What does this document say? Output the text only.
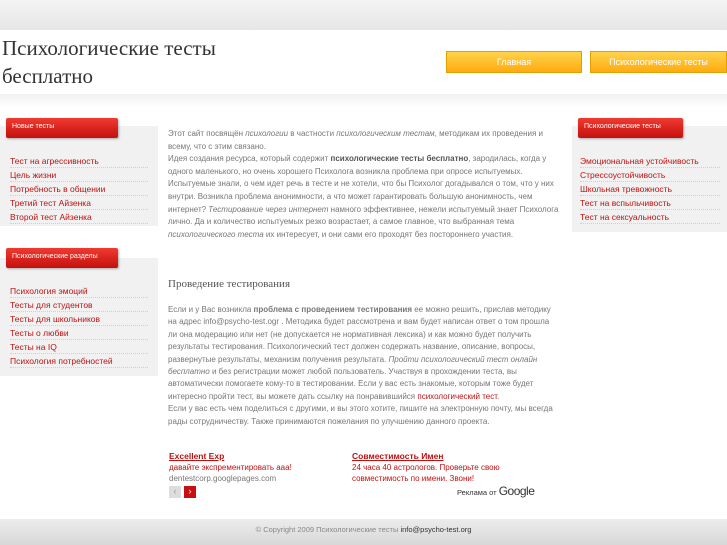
Психологические тесты бесплатно
Главная	Психологические тесты
Новые тесты
Тест на агрессивность
Цель жизни
Потребность в общении
Третий тест Айзенка
Второй тест Айзенка
Психологические разделы
Психология эмоций
Тесты для студентов
Тесты для школьников
Тесты о любви
Тесты на IQ
Психология потребностей
Психологические тесты
Эмоциональная устойчивость
Стрессоустойчивость
Школьная тревожность
Тест на вспыльчивость
Тест на сексуальность
Этот сайт посвящён психологии в частности психологическим тестам, методикам их проведения и всему, что с этим связано.
Идея создания ресурса, который содержит психологические тесты бесплатно, зародилась, когда у одного маленького, но очень хорошего Психолога возникла проблема при опросе испытуемых. Испытуемые знали, о чем идет речь в тесте и не хотели, что бы Психолог догадывался о том, что у них внутри. Возникла проблема анонимности, а что может гарантировать большую анонимность, чем интернет? Тестирование через интернет намного эффективнее, нежели испытуемый знает Психолога лично. Да и количество испытуемых резко возрастает, а самое главное, что выбранная тема психологического теста их интересует, и они сами его проходят без постороннего участия.
Проведение тестирования
Если и у Вас возникла проблема с проведением тестирования ее можно решить, прислав методику на адрес info@psycho-test.ogr . Методика будет рассмотрена и вам будет написан ответ о том прошла ли она модерацию или нет (не допускается не нормативная лексика) и как можно будет получить результаты тестирования. Психологический тест должен содержать название, описание, вопросы, развернутые результаты, механизм получения результата. Пройти психологический тест онлайн бесплатно и без регистрации может любой пользователь. Участвуя в прохождении теста, вы автоматически помогаете кому-то в тестировании. Если у вас есть знакомые, которым тоже будет интересно пройти тест, вы можете дать ссылку на понравившийся психологический тест.
Если у вас есть чем поделиться с другими, и вы этого хотите, пишите на электронную почту, мы всегда рады сотрудничеству. Также принимаются пожелания по улучшению данного проекта.
Excellent Exp
давайте экспрементировать aaa!
dentestcorp.googlepages.com
Совместимость Имен
24 часа 40 астрологов. Проверьте свою совместимость по имени. Звони!
‹	›	Реклама от Google
© Copyright 2009 Психологические тесты info@psycho-test.org
